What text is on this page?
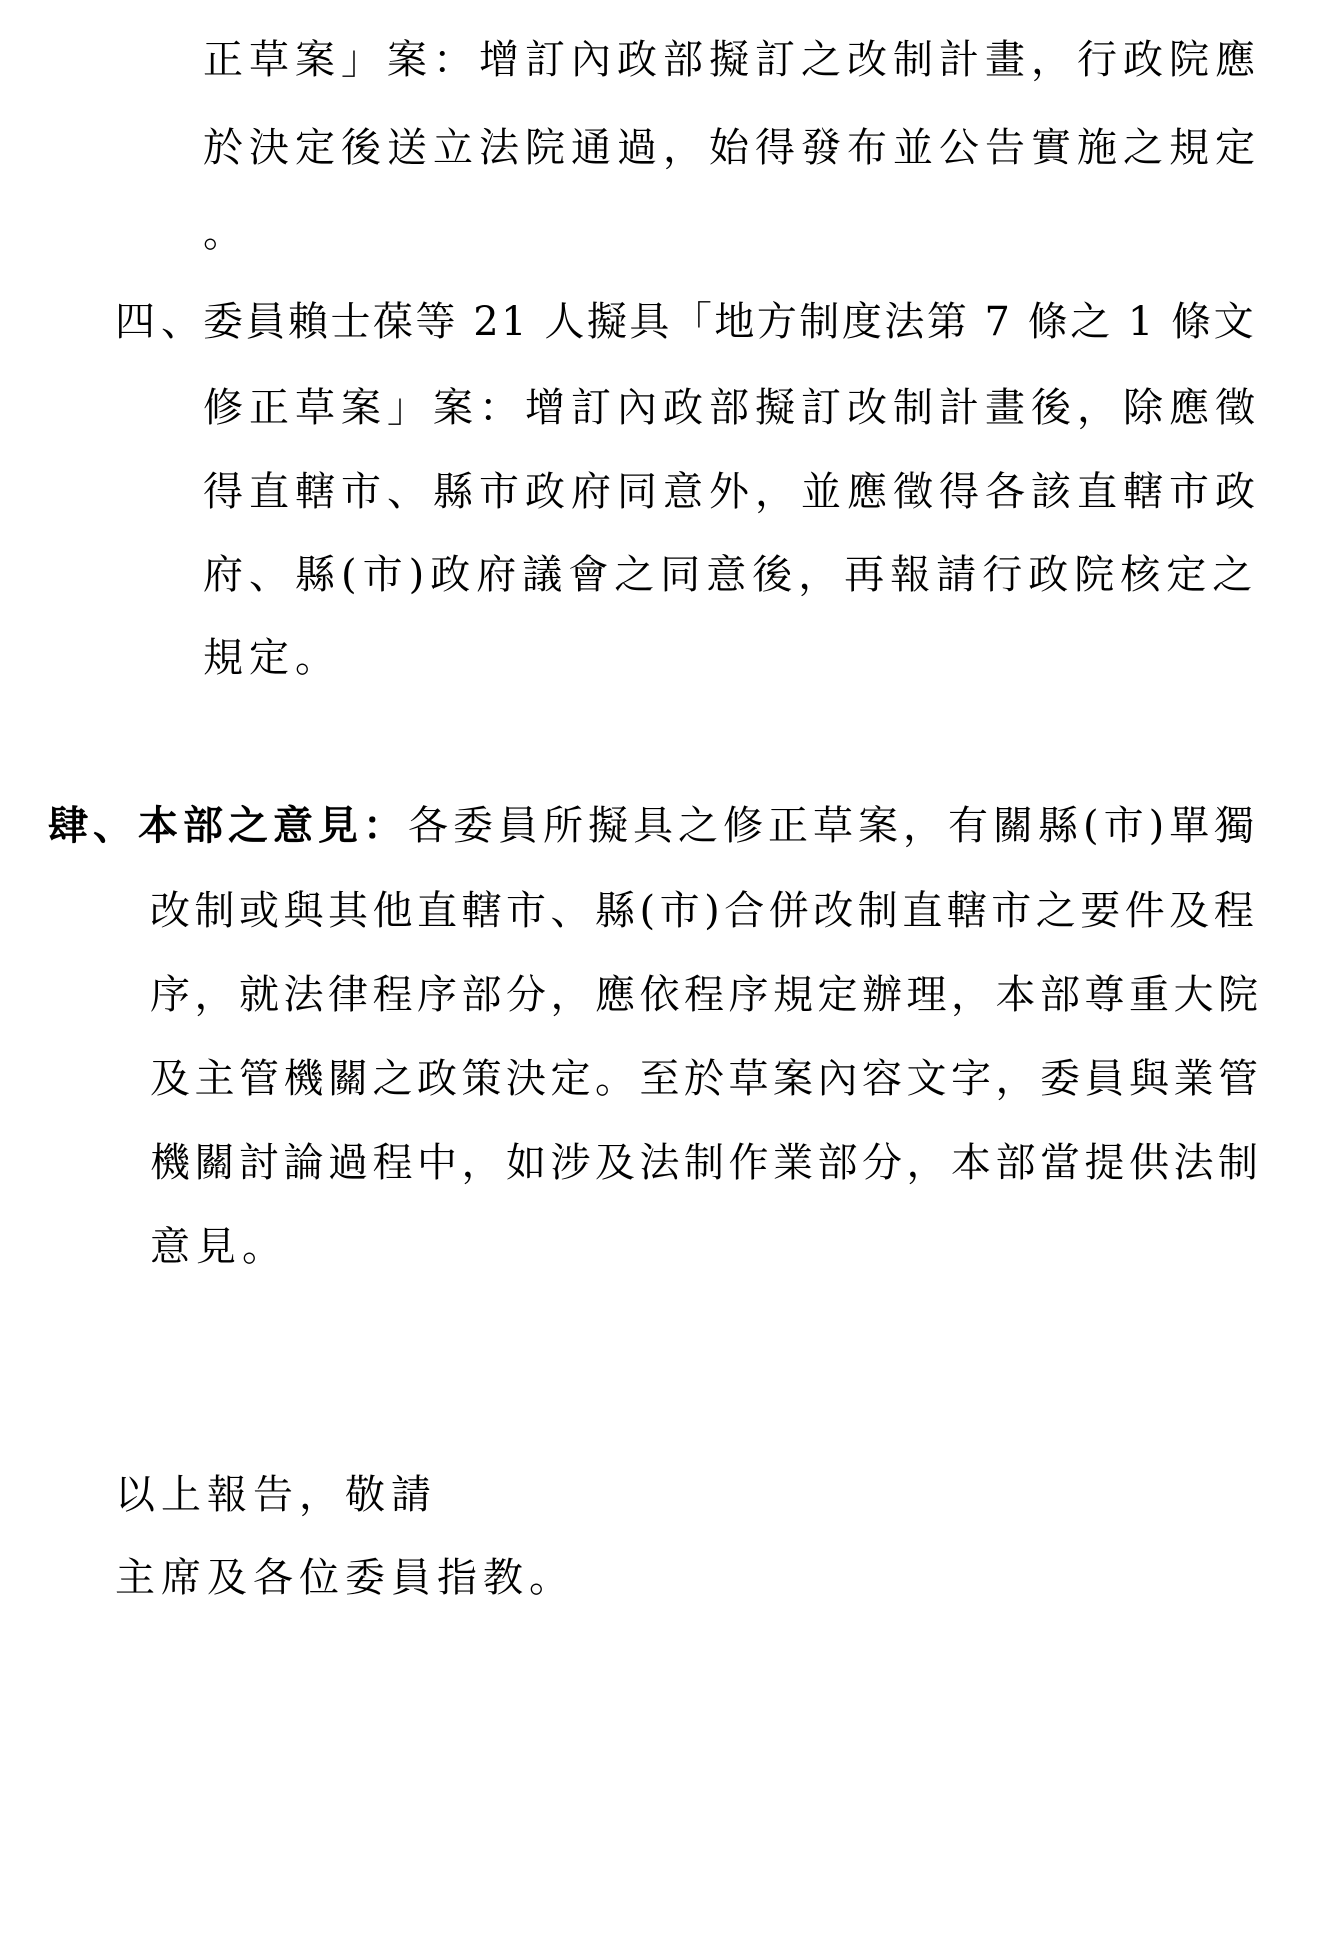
正草案」案：增訂內政部擬訂之改制計畫，行政院應
於決定後送立法院通過，始得發布並公告實施之規定
。
四、
委員賴士葆等 21 人擬具「地方制度法第 7 條之 1 條文
修正草案」案：增訂內政部擬訂改制計畫後，除應徵
得直轄市、縣市政府同意外，並應徵得各該直轄市政
府、縣(市)政府議會之同意後，再報請行政院核定之
規定。
肆、本部之意見：各委員所擬具之修正草案，有關縣(市)單獨
改制或與其他直轄市、縣(市)合併改制直轄市之要件及程
序，就法律程序部分，應依程序規定辦理，本部尊重大院
及主管機關之政策決定。至於草案內容文字，委員與業管
機關討論過程中，如涉及法制作業部分，本部當提供法制
意見。
以上報告，敬請
主席及各位委員指教。
